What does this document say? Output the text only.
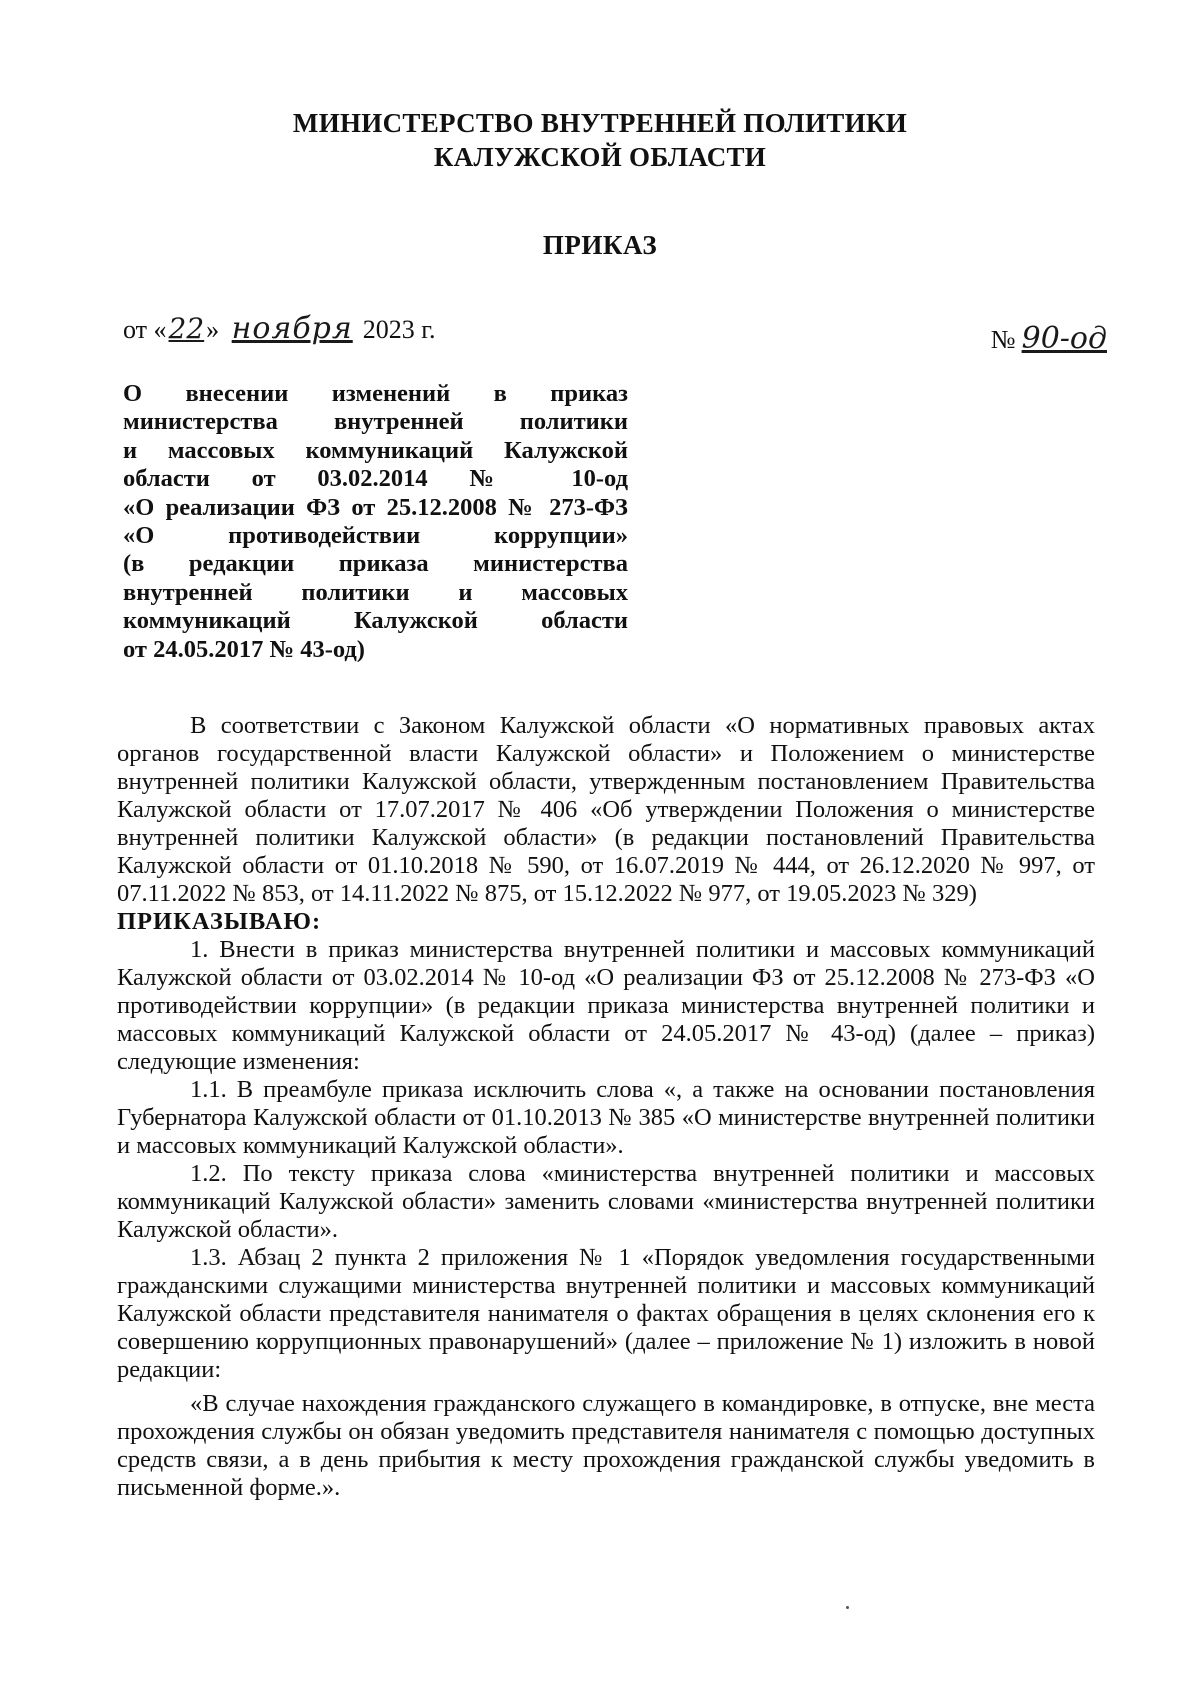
МИНИСТЕРСТВО ВНУТРЕННЕЙ ПОЛИТИКИ
КАЛУЖСКОЙ ОБЛАСТИ
ПРИКАЗ
от «22» ноября 2023 г.	№ 90-од
О внесении изменений в приказ
министерства внутренней политики
и массовых коммуникаций Калужской
области от 03.02.2014 № 10-од
«О реализации ФЗ от 25.12.2008 № 273-ФЗ
«О противодействии коррупции»
(в редакции приказа министерства
внутренней политики и массовых
коммуникаций Калужской области
от 24.05.2017 № 43-од)

В соответствии с Законом Калужской области «О нормативных правовых актах органов государственной власти Калужской области» и Положением о министерстве внутренней политики Калужской области, утвержденным постановлением Правительства Калужской области от 17.07.2017 № 406 «Об утверждении Положения о министерстве внутренней политики Калужской области» (в редакции постановлений Правительства Калужской области от 01.10.2018 № 590, от 16.07.2019 № 444, от 26.12.2020 № 997, от 07.11.2022 № 853, от 14.11.2022 № 875, от 15.12.2022 № 977, от 19.05.2023 № 329)

ПРИКАЗЫВАЮ:

1. Внести в приказ министерства внутренней политики и массовых коммуникаций Калужской области от 03.02.2014 № 10-од «О реализации ФЗ от 25.12.2008 № 273-ФЗ «О противодействии коррупции» (в редакции приказа министерства внутренней политики и массовых коммуникаций Калужской области от 24.05.2017 № 43-од) (далее – приказ) следующие изменения:

1.1. В преамбуле приказа исключить слова «, а также на основании постановления Губернатора Калужской области от 01.10.2013 № 385 «О министерстве внутренней политики и массовых коммуникаций Калужской области».

1.2. По тексту приказа слова «министерства внутренней политики и массовых коммуникаций Калужской области» заменить словами «министерства внутренней политики Калужской области».

1.3. Абзац 2 пункта 2 приложения № 1 «Порядок уведомления государственными гражданскими служащими министерства внутренней политики и массовых коммуникаций Калужской области представителя нанимателя о фактах обращения в целях склонения его к совершению коррупционных правонарушений» (далее – приложение № 1) изложить в новой редакции:

«В случае нахождения гражданского служащего в командировке, в отпуске, вне места прохождения службы он обязан уведомить представителя нанимателя с помощью доступных средств связи, а в день прибытия к месту прохождения гражданской службы уведомить в письменной форме.».
